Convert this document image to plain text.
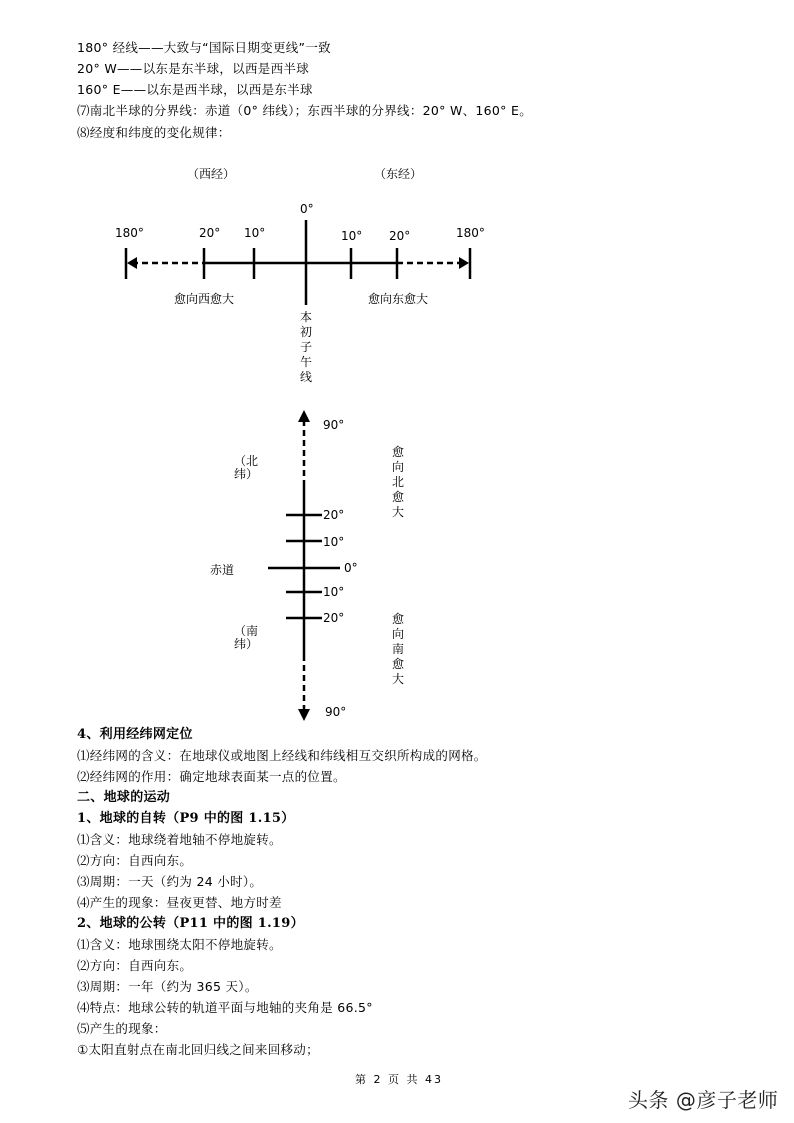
180° 经线——大致与“国际日期变更线”一致
20° W——以东是东半球，以西是西半球
160° E——以东是西半球，以西是东半球
⑺南北半球的分界线：赤道（0° 纬线）；东西半球的分界线：20° W、160° E。
⑻经度和纬度的变化规律：
（西经）	（东经）
180°	20° 10°
0°
10° 20°	180°
愈向西愈大	愈向东愈大
本初子午线
90°
（北纬）
愈向北愈大
20°
10°
赤道	0°
10°
20°
（南纬）
愈向南愈大
90°
4、利用经纬网定位
⑴经纬网的含义：在地球仪或地图上经线和纬线相互交织所构成的网格。
⑵经纬网的作用：确定地球表面某一点的位置。
二、地球的运动
1、地球的自转（P9 中的图 1.15）
⑴含义：地球绕着地轴不停地旋转。
⑵方向：自西向东。
⑶周期：一天（约为 24 小时）。
⑷产生的现象：昼夜更替、地方时差
2、地球的公转（P11 中的图 1.19）
⑴含义：地球围绕太阳不停地旋转。
⑵方向：自西向东。
⑶周期：一年（约为 365 天）。
⑷特点：地球公转的轨道平面与地轴的夹角是 66.5°
⑸产生的现象：
①太阳直射点在南北回归线之间来回移动；
第 2 页 共 43
头条 @彦子老师
